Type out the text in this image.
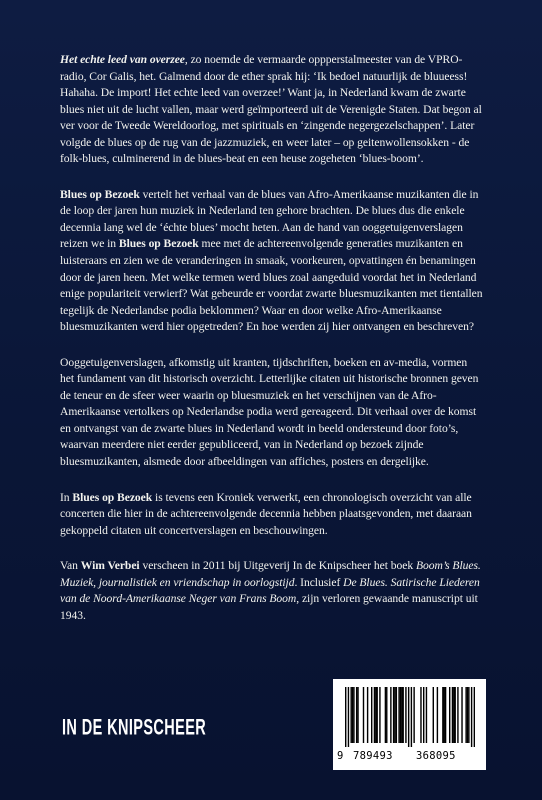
Het echte leed van overzee, zo noemde de vermaarde oppperstalmeester van de VPRO-radio, Cor Galis, het. Galmend door de ether sprak hij: ‘Ik bedoel natuurlijk de bluueess! Hahaha. De import! Het echte leed van overzee!’ Want ja, in Nederland kwam de zwarte blues niet uit de lucht vallen, maar werd geïmporteerd uit de Verenigde Staten. Dat begon al ver voor de Tweede Wereldoorlog, met spirituals en ‘zingende negergezelschappen’. Later volgde de blues op de rug van de jazzmuziek, en weer later – op geitenwollensokken - de folk-blues, culminerend in de blues-beat en een heuse zogeheten ‘blues-boom’.

Blues op Bezoek vertelt het verhaal van de blues van Afro-Amerikaanse muzikanten die in de loop der jaren hun muziek in Nederland ten gehore brachten. De blues dus die enkele decennia lang wel de ‘échte blues’ mocht heten. Aan de hand van ooggetuigenverslagen reizen we in Blues op Bezoek mee met de achtereenvolgende generaties muzikanten en luisteraars en zien we de veranderingen in smaak, voorkeuren, opvattingen én benamingen door de jaren heen. Met welke termen werd blues zoal aangeduid voordat het in Nederland enige populariteit verwierf? Wat gebeurde er voordat zwarte bluesmuzikanten met tientallen tegelijk de Nederlandse podia beklommen? Waar en door welke Afro-Amerikaanse bluesmuzikanten werd hier opgetreden? En hoe werden zij hier ontvangen en beschreven?

Ooggetuigenverslagen, afkomstig uit kranten, tijdschriften, boeken en av-media, vormen het fundament van dit historisch overzicht. Letterlijke citaten uit historische bronnen geven de teneur en de sfeer weer waarin op bluesmuziek en het verschijnen van de Afro-Amerikaanse vertolkers op Nederlandse podia werd gereageerd. Dit verhaal over de komst en ontvangst van de zwarte blues in Nederland wordt in beeld ondersteund door foto’s, waarvan meerdere niet eerder gepubliceerd, van in Nederland op bezoek zijnde bluesmuzikanten, alsmede door afbeeldingen van affiches, posters en dergelijke.

In Blues op Bezoek is tevens een Kroniek verwerkt, een chronologisch overzicht van alle concerten die hier in de achtereenvolgende decennia hebben plaatsgevonden, met daaraan gekoppeld citaten uit concertverslagen en beschouwingen.

Van Wim Verbei verscheen in 2011 bij Uitgeverij In de Knipscheer het boek Boom’s Blues. Muziek, journalistiek en vriendschap in oorlogstijd. Inclusief De Blues. Satirische Liederen van de Noord-Amerikaanse Neger van Frans Boom, zijn verloren gewaande manuscript uit 1943.

IN DE KNIPSCHEER
9 789493 368095
